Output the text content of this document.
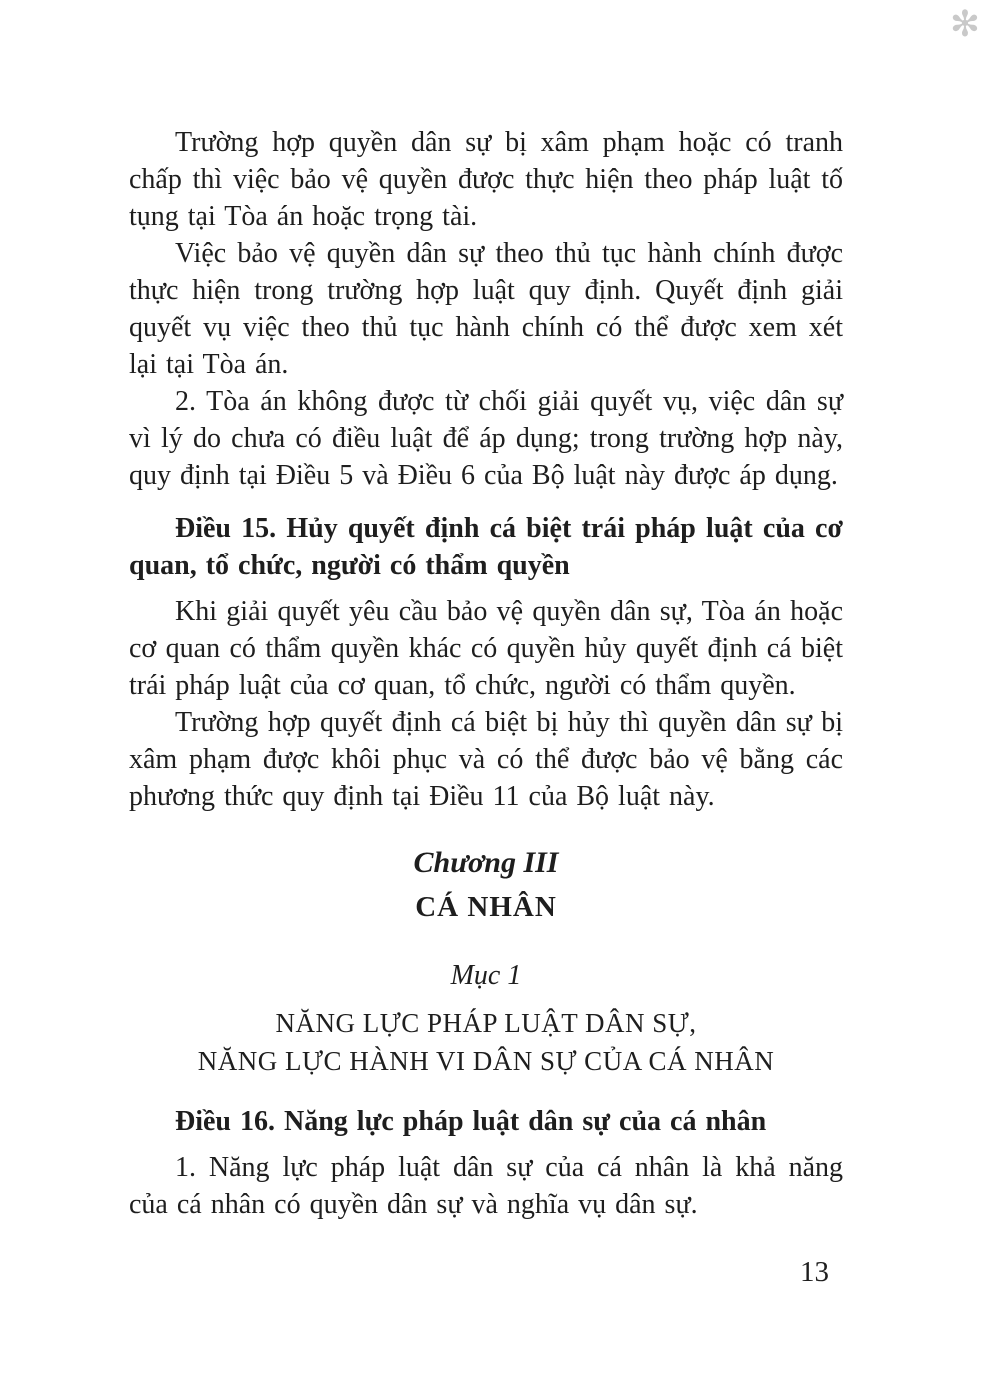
✻

Trường hợp quyền dân sự bị xâm phạm hoặc có tranh chấp thì việc bảo vệ quyền được thực hiện theo pháp luật tố tụng tại Tòa án hoặc trọng tài.

Việc bảo vệ quyền dân sự theo thủ tục hành chính được thực hiện trong trường hợp luật quy định. Quyết định giải quyết vụ việc theo thủ tục hành chính có thể được xem xét lại tại Tòa án.

2. Tòa án không được từ chối giải quyết vụ, việc dân sự vì lý do chưa có điều luật để áp dụng; trong trường hợp này, quy định tại Điều 5 và Điều 6 của Bộ luật này được áp dụng.

Điều 15. Hủy quyết định cá biệt trái pháp luật của cơ quan, tổ chức, người có thẩm quyền

Khi giải quyết yêu cầu bảo vệ quyền dân sự, Tòa án hoặc cơ quan có thẩm quyền khác có quyền hủy quyết định cá biệt trái pháp luật của cơ quan, tổ chức, người có thẩm quyền.

Trường hợp quyết định cá biệt bị hủy thì quyền dân sự bị xâm phạm được khôi phục và có thể được bảo vệ bằng các phương thức quy định tại Điều 11 của Bộ luật này.

Chương III
CÁ NHÂN
Mục 1
NĂNG LỰC PHÁP LUẬT DÂN SỰ,
NĂNG LỰC HÀNH VI DÂN SỰ CỦA CÁ NHÂN
Điều 16. Năng lực pháp luật dân sự của cá nhân

1. Năng lực pháp luật dân sự của cá nhân là khả năng của cá nhân có quyền dân sự và nghĩa vụ dân sự.

13
